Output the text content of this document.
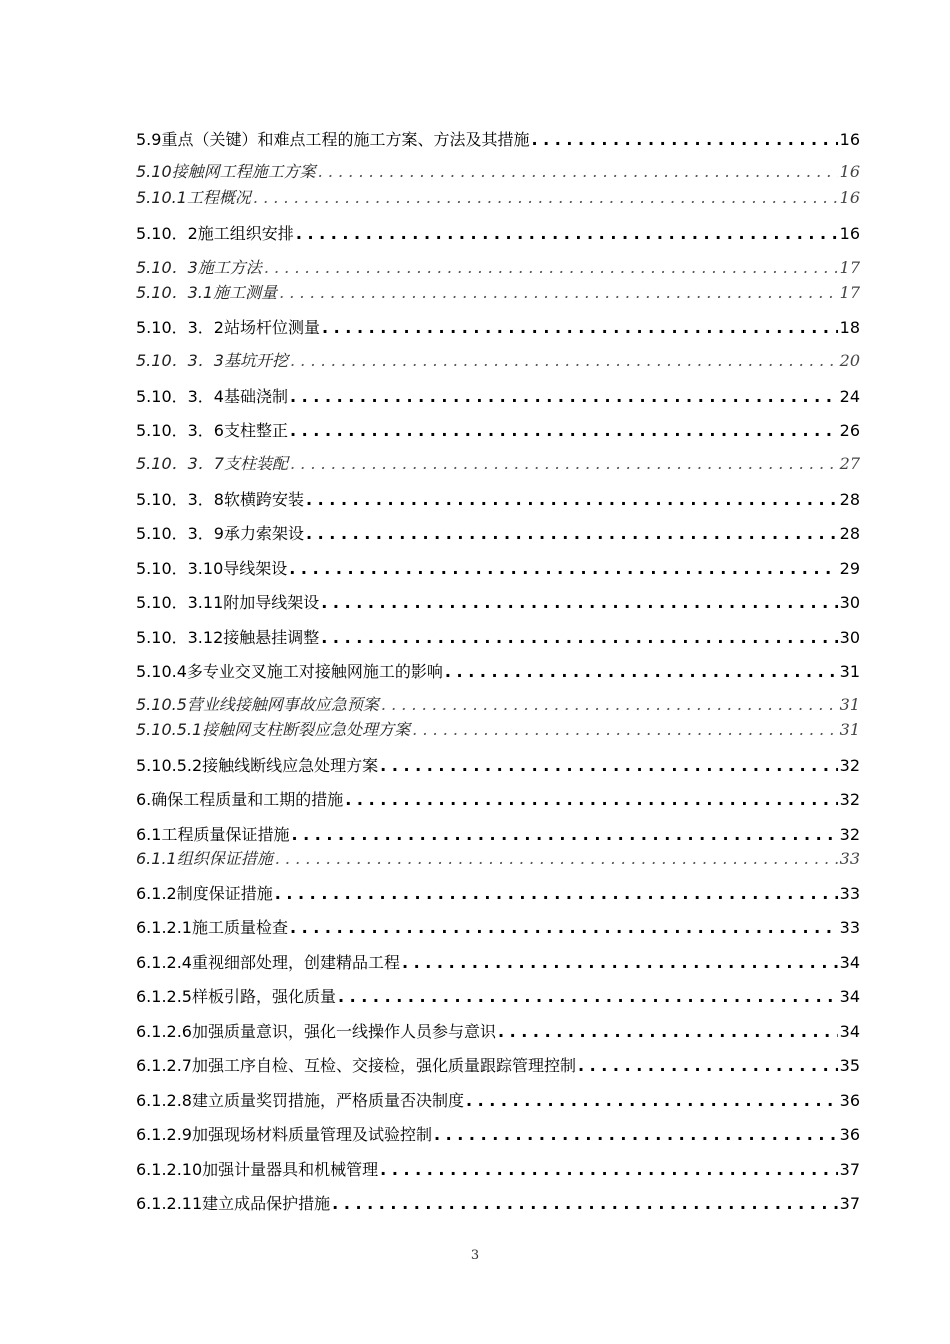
5.9重点（关键）和难点工程的施工方案、方法及其措施 . . .	16
5.10接触网工程施工方案 . . .	16
5.10.1工程概况 . . .	16
5.10．2施工组织安排 . . .	16
5.10．3施工方法 . . .	17
5.10．3.1施工测量 . . .	17
5.10．3．2站场杆位测量 . . .	18
5.10．3．3基坑开挖 . . .	20
5.10．3．4基础浇制 . . .	24
5.10．3．6支柱整正 . . .	26
5.10．3．7支柱装配 . . .	27
5.10．3．8软横跨安装 . . .	28
5.10．3．9承力索架设 . . .	28
5.10．3.10导线架设 . . .	29
5.10．3.11附加导线架设 . . .	30
5.10．3.12接触悬挂调整 . . .	30
5.10.4多专业交叉施工对接触网施工的影响 . . .	31
5.10.5营业线接触网事故应急预案 . . .	31
5.10.5.1接触网支柱断裂应急处理方案 . . .	31
5.10.5.2接触线断线应急处理方案 . . .	32
6.确保工程质量和工期的措施 . . .	32
6.1工程质量保证措施 . . .	32
6.1.1组织保证措施 . . .	33
6.1.2制度保证措施 . . .	33
6.1.2.1施工质量检查 . . .	33
6.1.2.4重视细部处理，创建精品工程 . . .	34
6.1.2.5样板引路，强化质量 . . .	34
6.1.2.6加强质量意识，强化一线操作人员参与意识 . . .	34
6.1.2.7加强工序自检、互检、交接检，强化质量跟踪管理控制 . . .	35
6.1.2.8建立质量奖罚措施，严格质量否决制度 . . .	36
6.1.2.9加强现场材料质量管理及试验控制 . . .	36
6.1.2.10加强计量器具和机械管理 . . .	37
6.1.2.11建立成品保护措施 . . .	37
3
